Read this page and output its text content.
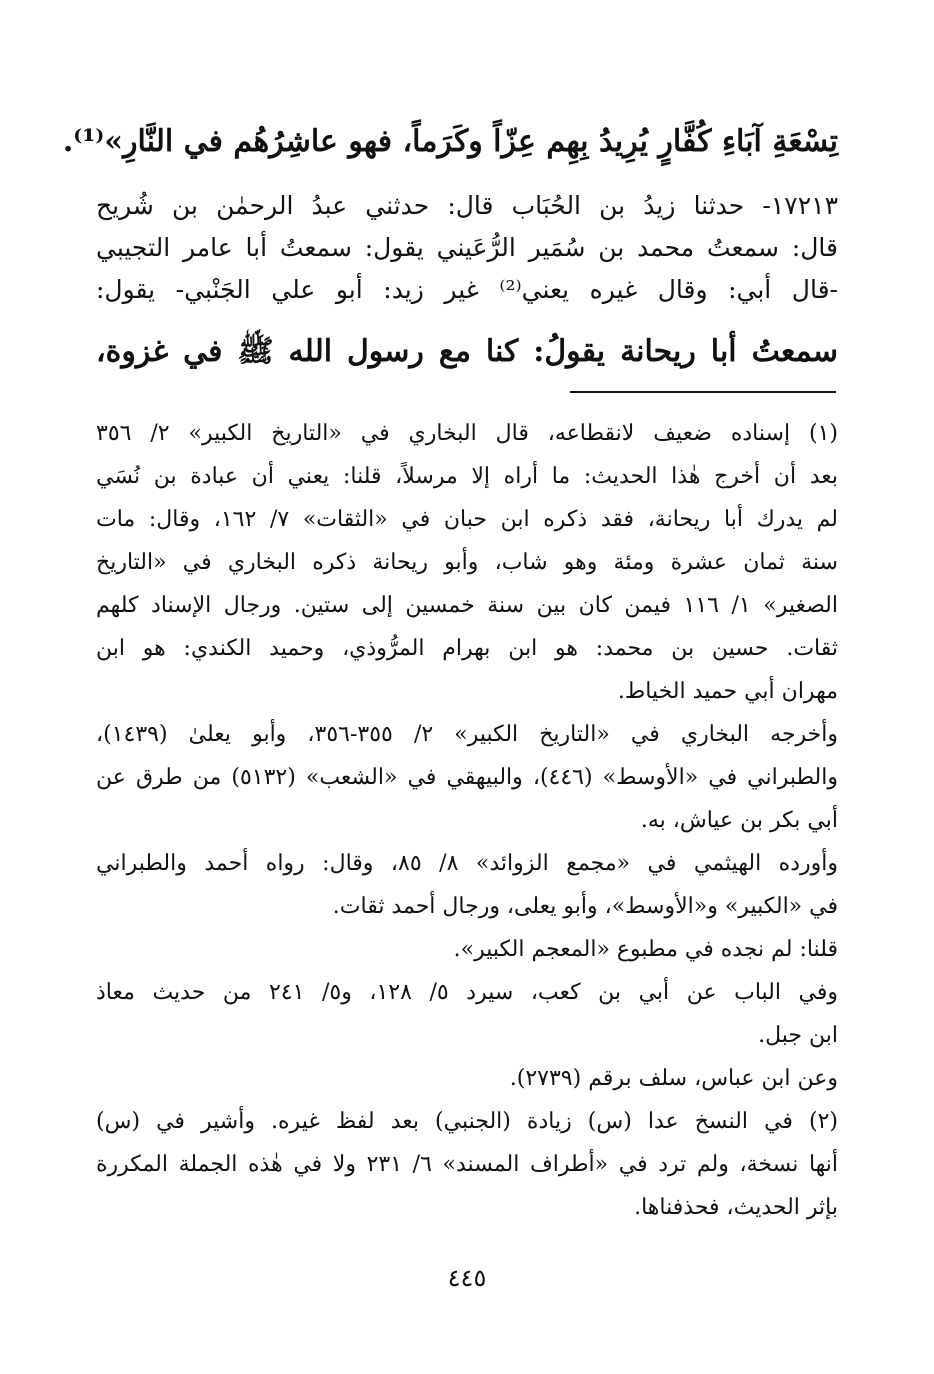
تِسْعَةِ آبَاءِ كُفَّارٍ يُرِيدُ بِهِم عِزّاً وكَرَماً، فهو عاشِرُهُم في النَّارِ»⁽¹⁾.
١٧٢١٣- حدثنا زيدُ بن الحُبَاب قال: حدثني عبدُ الرحمٰن بن شُريح
قال: سمعتُ محمد بن سُمَير الرُّعَيني يقول: سمعتُ أبا عامر التجيبي
-قال أبي: وقال غيره يعني⁽²⁾ غير زيد: أبو علي الجَنْبي- يقول:
سمعتُ أبا ريحانة يقولُ: كنا مع رسول الله ﷺ في غزوة،
(١) إسناده ضعيف لانقطاعه، قال البخاري في «التاريخ الكبير» ٢/ ٣٥٦
بعد أن أخرج هٰذا الحديث: ما أراه إلا مرسلاً، قلنا: يعني أن عبادة بن نُسَي
لم يدرك أبا ريحانة، فقد ذكره ابن حبان في «الثقات» ٧/ ١٦٢، وقال: مات
سنة ثمان عشرة ومئة وهو شاب، وأبو ريحانة ذكره البخاري في «التاريخ
الصغير» ١/ ١١٦ فيمن كان بين سنة خمسين إلى ستين. ورجال الإسناد كلهم
ثقات. حسين بن محمد: هو ابن بهرام المرُّوذي، وحميد الكندي: هو ابن
مهران أبي حميد الخياط.
وأخرجه البخاري في «التاريخ الكبير» ٢/ ٣٥٥-٣٥٦، وأبو يعلىٰ (١٤٣٩)،
والطبراني في «الأوسط» (٤٤٦)، والبيهقي في «الشعب» (٥١٣٢) من طرق عن
أبي بكر بن عياش، به.
وأورده الهيثمي في «مجمع الزوائد» ٨/ ٨٥، وقال: رواه أحمد والطبراني
في «الكبير» و«الأوسط»، وأبو يعلى، ورجال أحمد ثقات.
قلنا: لم نجده في مطبوع «المعجم الكبير».
وفي الباب عن أبي بن كعب، سيرد ٥/ ١٢٨، و٥/ ٢٤١ من حديث معاذ
ابن جبل.
وعن ابن عباس، سلف برقم (٢٧٣٩).
(٢) في النسخ عدا (س) زيادة (الجنبي) بعد لفظ غيره. وأشير في (س)
أنها نسخة، ولم ترد في «أطراف المسند» ٦/ ٢٣١ ولا في هٰذه الجملة المكررة
بإثر الحديث، فحذفناها.
٤٤٥
